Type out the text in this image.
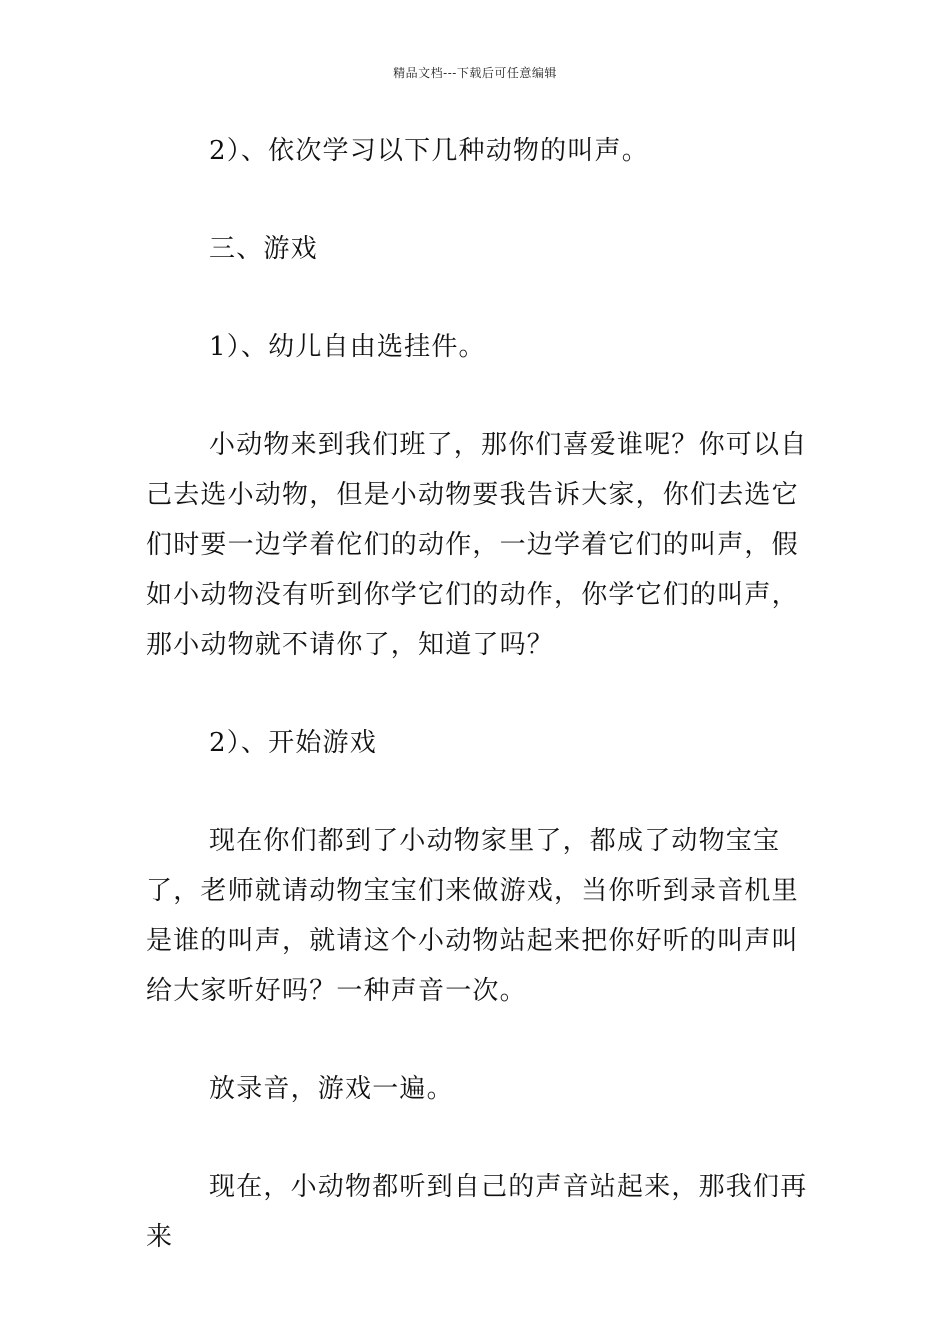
精品文档---下载后可任意编辑

2）、依次学习以下几种动物的叫声。

三、游戏

1）、幼儿自由选挂件。

小动物来到我们班了，那你们喜爱谁呢？你可以自己去选小动物，但是小动物要我告诉大家，你们去选它们时要一边学着佗们的动作，一边学着它们的叫声，假如小动物没有听到你学它们的动作，你学它们的叫声，那小动物就不请你了，知道了吗？

2）、开始游戏

现在你们都到了小动物家里了，都成了动物宝宝了，老师就请动物宝宝们来做游戏，当你听到录音机里是谁的叫声，就请这个小动物站起来把你好听的叫声叫给大家听好吗？一种声音一次。

放录音，游戏一遍。

现在，小动物都听到自己的声音站起来，那我们再来
